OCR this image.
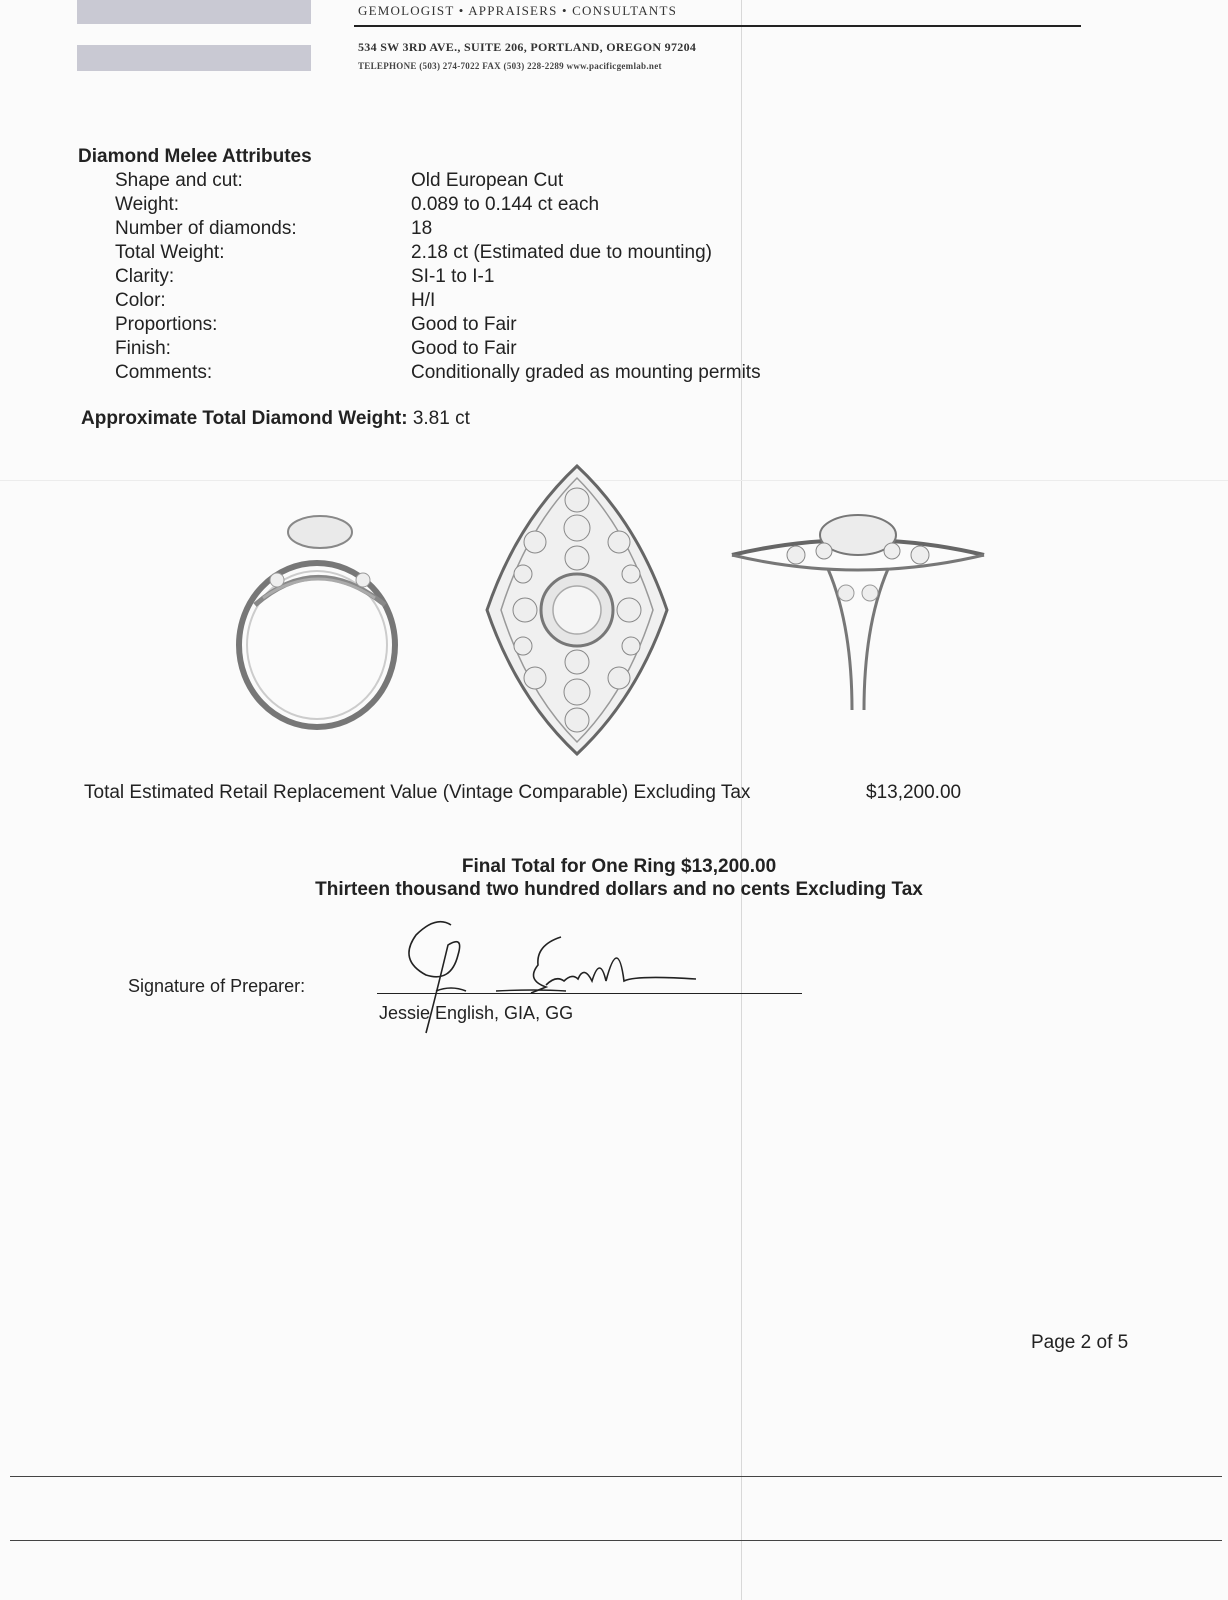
GEMOLOGIST • APPRAISERS • CONSULTANTS
534 SW 3RD AVE., SUITE 206, PORTLAND, OREGON 97204
TELEPHONE (503) 274-7022 FAX (503) 228-2289 www.pacificgemlab.net
Diamond Melee Attributes
Shape and cut:	Old European Cut
Weight:	0.089 to 0.144 ct each
Number of diamonds:	18
Total Weight:	2.18 ct (Estimated due to mounting)
Clarity:	SI-1 to I-1
Color:	H/I
Proportions:	Good to Fair
Finish:	Good to Fair
Comments:	Conditionally graded as mounting permits
Approximate Total Diamond Weight: 3.81 ct
Total Estimated Retail Replacement Value (Vintage Comparable) Excluding Tax	$13,200.00
Final Total for One Ring $13,200.00
Thirteen thousand two hundred dollars and no cents Excluding Tax
Signature of Preparer:
Jessie English, GIA, GG
Page 2 of 5
